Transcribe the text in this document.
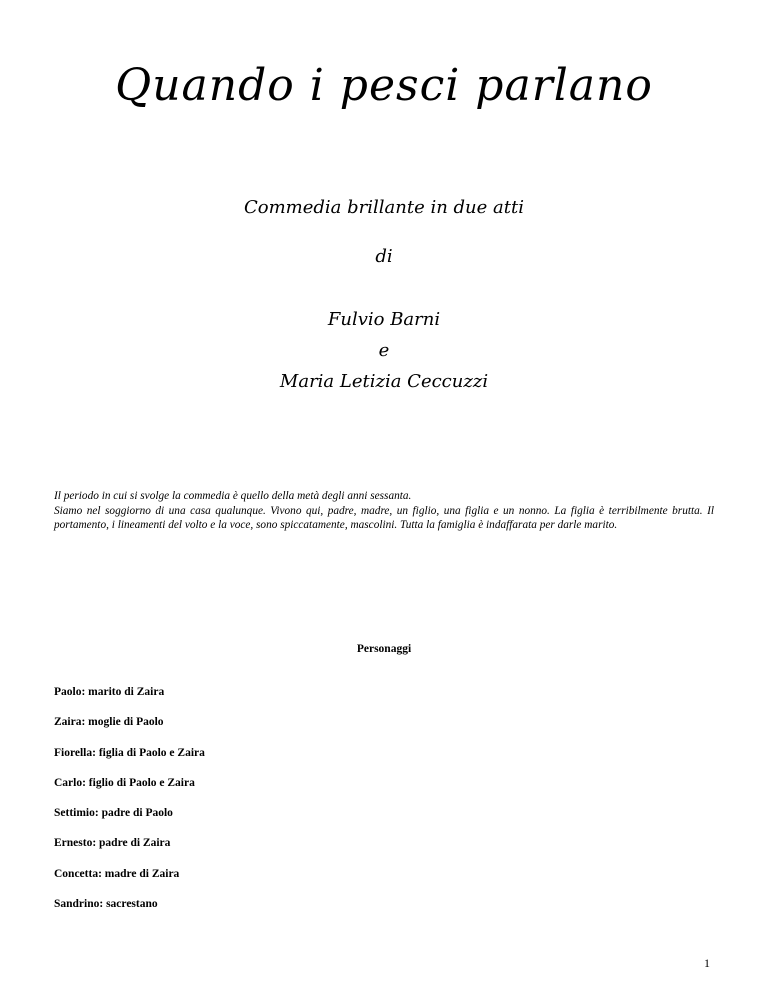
Quando i pesci parlano
Commedia brillante in due atti
di
Fulvio Barni
e
Maria Letizia Ceccuzzi

Il periodo in cui si svolge la commedia è quello della metà degli anni sessanta.

Siamo nel soggiorno di una casa qualunque. Vivono qui, padre, madre, un figlio, una figlia e un nonno. La figlia è terribilmente brutta. Il portamento, i lineamenti del volto e la voce, sono spiccatamente, mascolini. Tutta la famiglia è indaffarata per darle marito.

Personaggi
Paolo: marito di Zaira
Zaira: moglie di Paolo
Fiorella: figlia di Paolo e Zaira
Carlo: figlio di Paolo e Zaira
Settimio: padre di Paolo
Ernesto: padre di Zaira
Concetta: madre di Zaira
Sandrino: sacrestano
1
